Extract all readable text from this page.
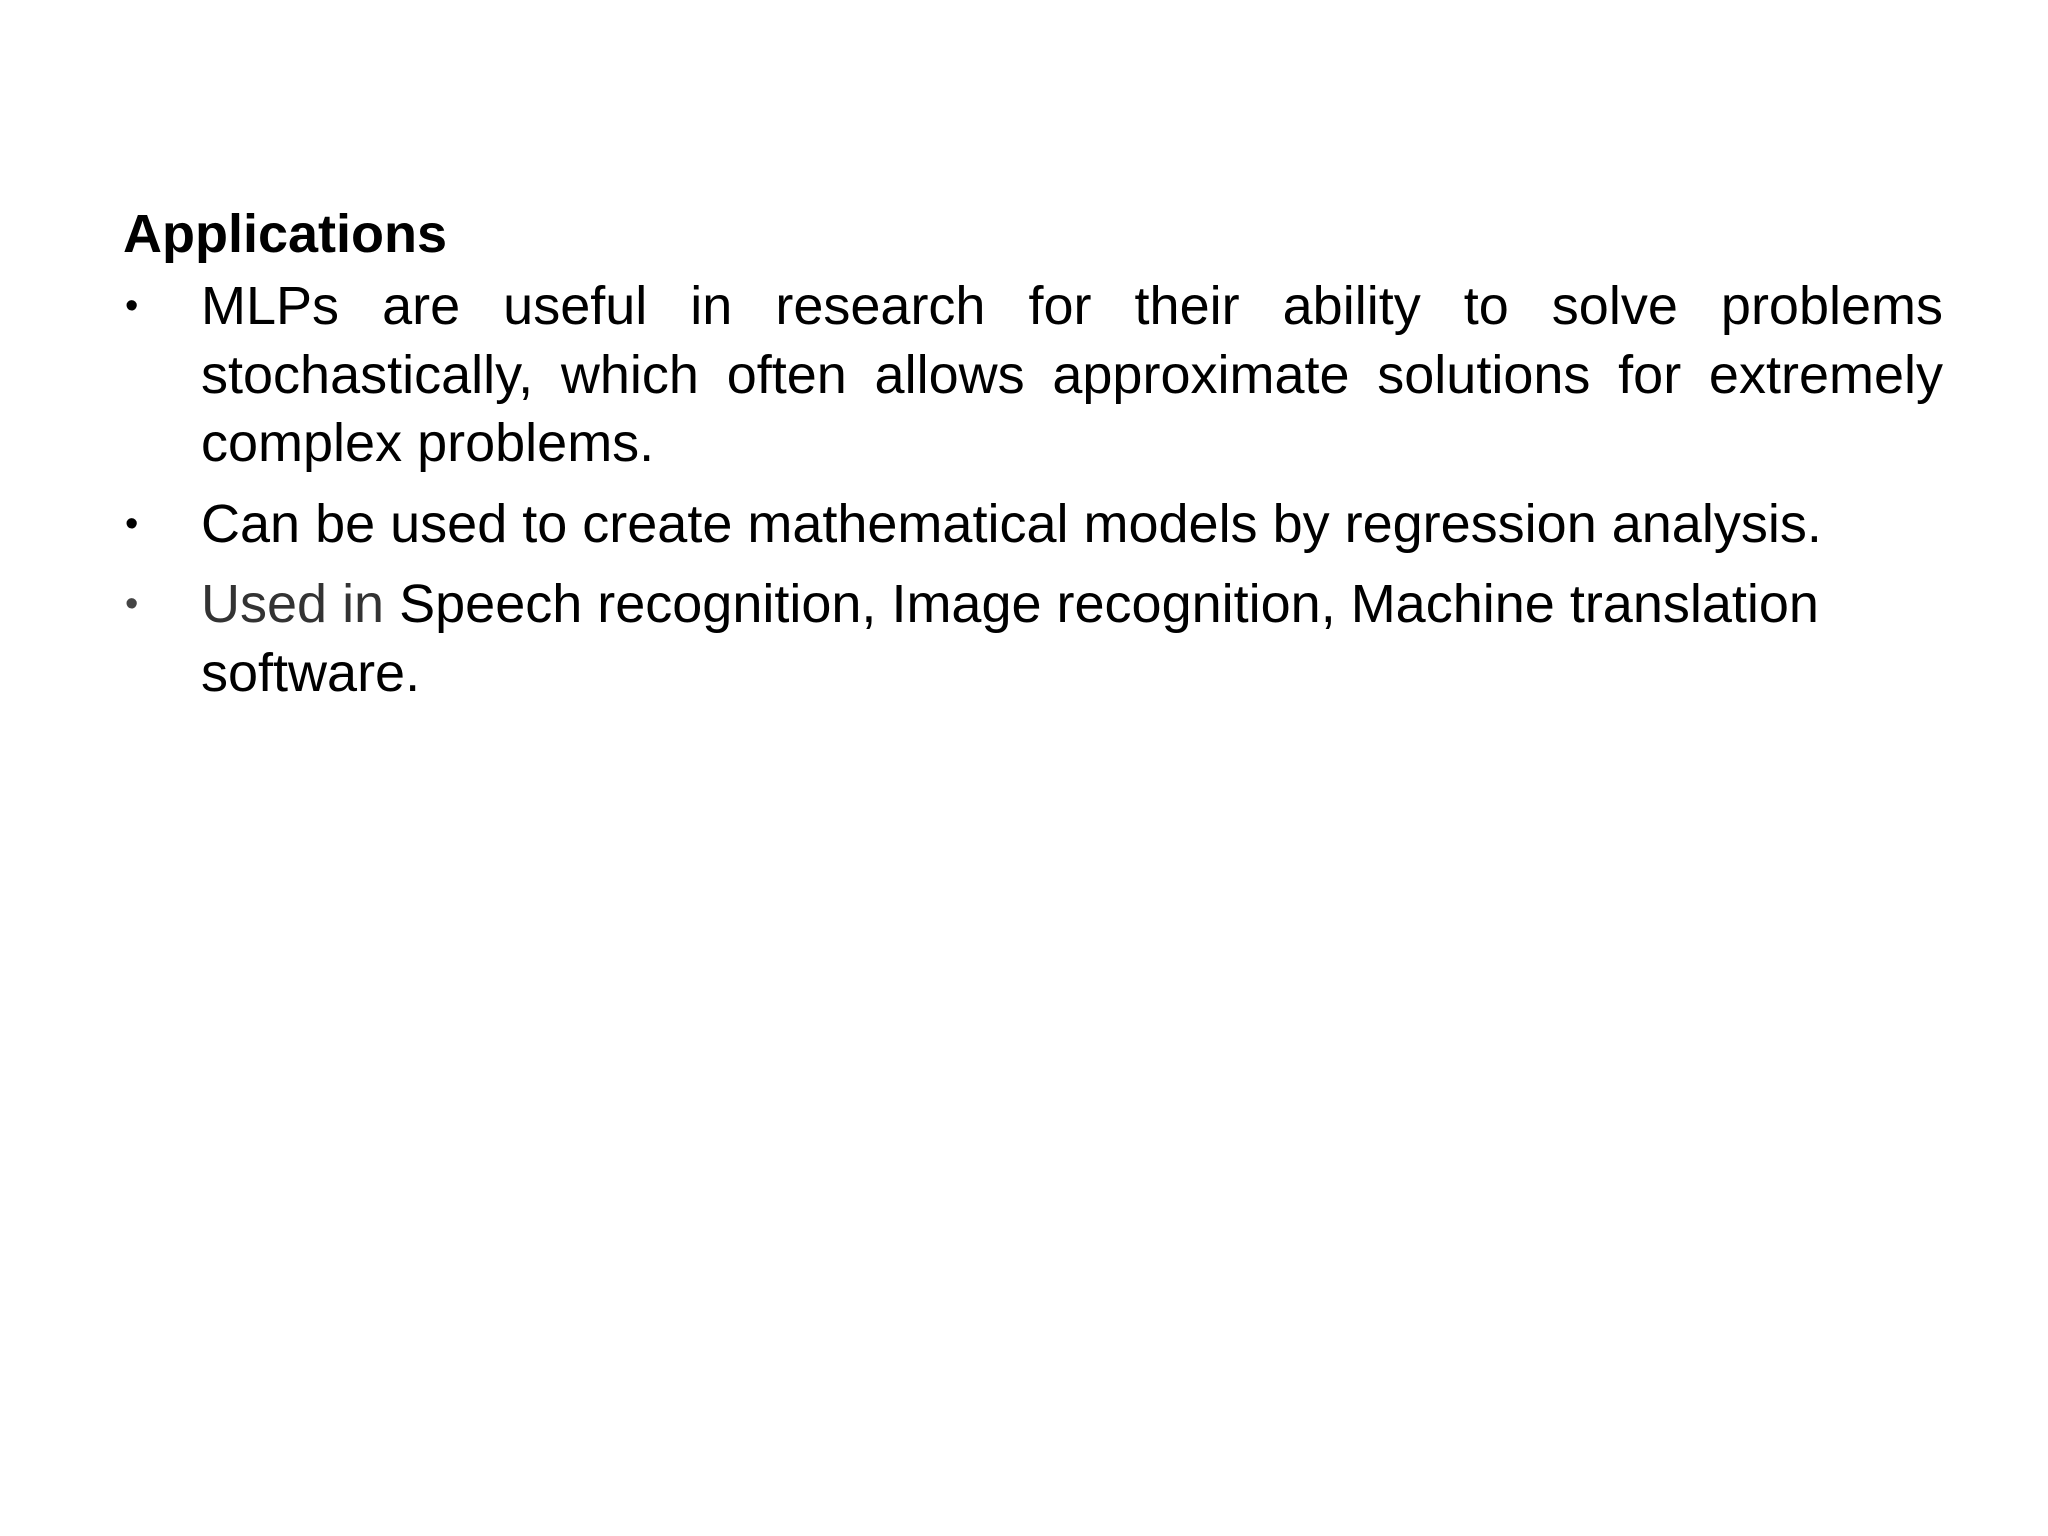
Applications
•	MLPs are useful in research for their ability to solve problems stochastically, which often allows approximate solutions for extremely complex problems.
•	Can be used to create mathematical models by regression analysis.
•	Used in Speech recognition, Image recognition, Machine translation software.
